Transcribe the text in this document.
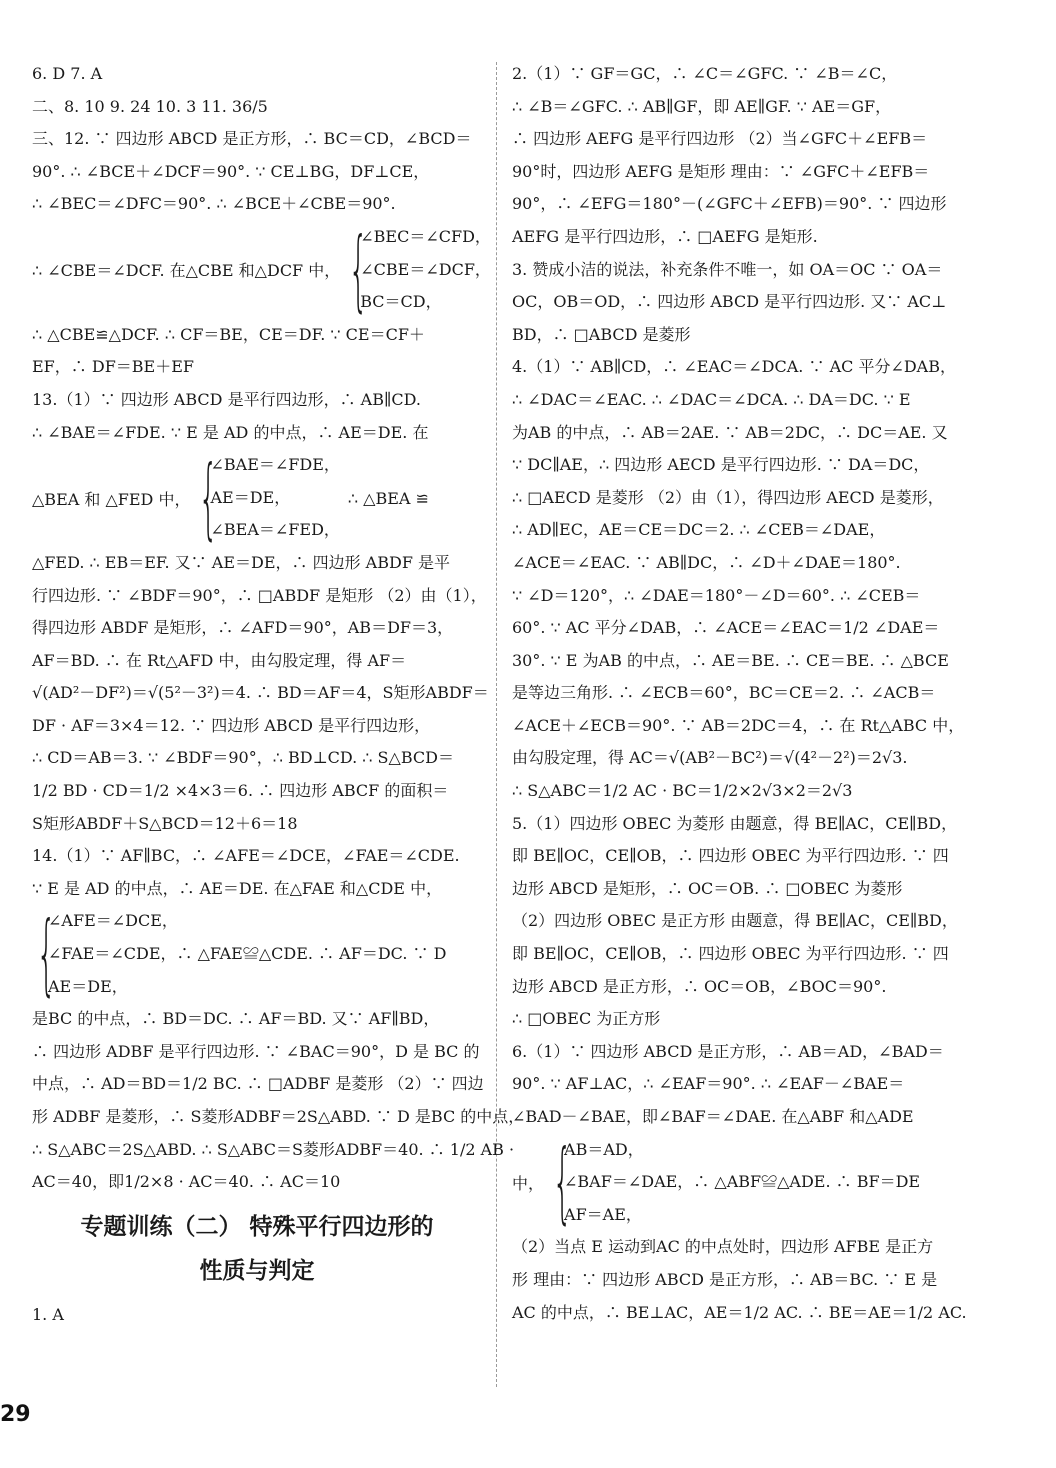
6. D 7. A
二、8. 10 9. 24 10. 3 11. 36/5
三、12. ∵ 四边形 ABCD 是正方形，∴ BC＝CD，∠BCD＝
90°. ∴ ∠BCE＋∠DCF＝90°. ∵ CE⊥BG，DF⊥CE，
∴ ∠BEC＝∠DFC＝90°. ∴ ∠BCE＋∠CBE＝90°.
∴ ∠CBE＝∠DCF. 在△CBE 和△DCF 中， {
∠BEC＝∠CFD，
∠CBE＝∠DCF，
BC＝CD，
∴ △CBE≌△DCF. ∴ CF＝BE，CE＝DF. ∵ CE＝CF＋
EF，∴ DF＝BE＋EF
13.（1）∵ 四边形 ABCD 是平行四边形，∴ AB∥CD.
∴ ∠BAE＝∠FDE. ∵ E 是 AD 的中点，∴ AE＝DE. 在
△BEA 和 △FED 中， {
∠BAE＝∠FDE，
AE＝DE，
∠BEA＝∠FED，
∴ △BEA ≌
△FED. ∴ EB＝EF. 又∵ AE＝DE，∴ 四边形 ABDF 是平
行四边形. ∵ ∠BDF＝90°，∴ □ABDF 是矩形 （2）由（1），
得四边形 ABDF 是矩形，∴ ∠AFD＝90°，AB＝DF＝3，
AF＝BD. ∴ 在 Rt△AFD 中，由勾股定理，得 AF＝
√(AD²－DF²)＝√(5²－3²)＝4. ∴ BD＝AF＝4，S矩形ABDF＝
DF · AF＝3×4＝12. ∵ 四边形 ABCD 是平行四边形，
∴ CD＝AB＝3. ∵ ∠BDF＝90°，∴ BD⊥CD. ∴ S△BCD＝
1/2 BD · CD＝1/2 ×4×3＝6. ∴ 四边形 ABCF 的面积＝
S矩形ABDF＋S△BCD＝12＋6＝18
14.（1）∵ AF∥BC，∴ ∠AFE＝∠DCE，∠FAE＝∠CDE.
∵ E 是 AD 的中点，∴ AE＝DE. 在△FAE 和△CDE 中，
{
∠AFE＝∠DCE，
∠FAE＝∠CDE，∴ △FAE≌△CDE. ∴ AF＝DC. ∵ D
AE＝DE，
是BC 的中点，∴ BD＝DC. ∴ AF＝BD. 又∵ AF∥BD，
∴ 四边形 ADBF 是平行四边形. ∵ ∠BAC＝90°，D 是 BC 的
中点，∴ AD＝BD＝1/2 BC. ∴ □ADBF 是菱形 （2）∵ 四边
形 ADBF 是菱形，∴ S菱形ADBF＝2S△ABD. ∵ D 是BC 的中点，
∴ S△ABC＝2S△ABD. ∴ S△ABC＝S菱形ADBF＝40. ∴ 1/2 AB ·
AC＝40，即1/2×8 · AC＝40. ∴ AC＝10
专题训练（二） 特殊平行四边形的
性质与判定
1. A
2.（1）∵ GF＝GC，∴ ∠C＝∠GFC. ∵ ∠B＝∠C，
∴ ∠B＝∠GFC. ∴ AB∥GF，即 AE∥GF. ∵ AE＝GF，
∴ 四边形 AEFG 是平行四边形 （2）当∠GFC＋∠EFB＝
90°时，四边形 AEFG 是矩形 理由：∵ ∠GFC＋∠EFB＝
90°，∴ ∠EFG＝180°－(∠GFC＋∠EFB)＝90°. ∵ 四边形
AEFG 是平行四边形，∴ □AEFG 是矩形.
3. 赞成小洁的说法，补充条件不唯一，如 OA＝OC ∵ OA＝
OC，OB＝OD，∴ 四边形 ABCD 是平行四边形. 又∵ AC⊥
BD，∴ □ABCD 是菱形
4.（1）∵ AB∥CD，∴ ∠EAC＝∠DCA. ∵ AC 平分∠DAB，
∴ ∠DAC＝∠EAC. ∴ ∠DAC＝∠DCA. ∴ DA＝DC. ∵ E
为AB 的中点，∴ AB＝2AE. ∵ AB＝2DC，∴ DC＝AE. 又
∵ DC∥AE，∴ 四边形 AECD 是平行四边形. ∵ DA＝DC，
∴ □AECD 是菱形 （2）由（1），得四边形 AECD 是菱形，
∴ AD∥EC，AE＝CE＝DC＝2. ∴ ∠CEB＝∠DAE，
∠ACE＝∠EAC. ∵ AB∥DC，∴ ∠D＋∠DAE＝180°.
∵ ∠D＝120°，∴ ∠DAE＝180°－∠D＝60°. ∴ ∠CEB＝
60°. ∵ AC 平分∠DAB，∴ ∠ACE＝∠EAC＝1/2 ∠DAE＝
30°. ∵ E 为AB 的中点，∴ AE＝BE. ∴ CE＝BE. ∴ △BCE
是等边三角形. ∴ ∠ECB＝60°，BC＝CE＝2. ∴ ∠ACB＝
∠ACE＋∠ECB＝90°. ∵ AB＝2DC＝4，∴ 在 Rt△ABC 中，
由勾股定理，得 AC＝√(AB²－BC²)＝√(4²－2²)＝2√3.
∴ S△ABC＝1/2 AC · BC＝1/2×2√3×2＝2√3
5.（1）四边形 OBEC 为菱形 由题意，得 BE∥AC，CE∥BD，
即 BE∥OC，CE∥OB，∴ 四边形 OBEC 为平行四边形. ∵ 四
边形 ABCD 是矩形，∴ OC＝OB. ∴ □OBEC 为菱形
（2）四边形 OBEC 是正方形 由题意，得 BE∥AC，CE∥BD，
即 BE∥OC，CE∥OB，∴ 四边形 OBEC 为平行四边形. ∵ 四
边形 ABCD 是正方形，∴ OC＝OB，∠BOC＝90°.
∴ □OBEC 为正方形
6.（1）∵ 四边形 ABCD 是正方形，∴ AB＝AD，∠BAD＝
90°. ∵ AF⊥AC，∴ ∠EAF＝90°. ∴ ∠EAF－∠BAE＝
∠BAD－∠BAE，即∠BAF＝∠DAE. 在△ABF 和△ADE
中， {
AB＝AD，
∠BAF＝∠DAE，∴ △ABF≌△ADE. ∴ BF＝DE
AF＝AE，
（2）当点 E 运动到AC 的中点处时，四边形 AFBE 是正方
形 理由：∵ 四边形 ABCD 是正方形，∴ AB＝BC. ∵ E 是
AC 的中点，∴ BE⊥AC，AE＝1/2 AC. ∴ BE＝AE＝1/2 AC.
29
